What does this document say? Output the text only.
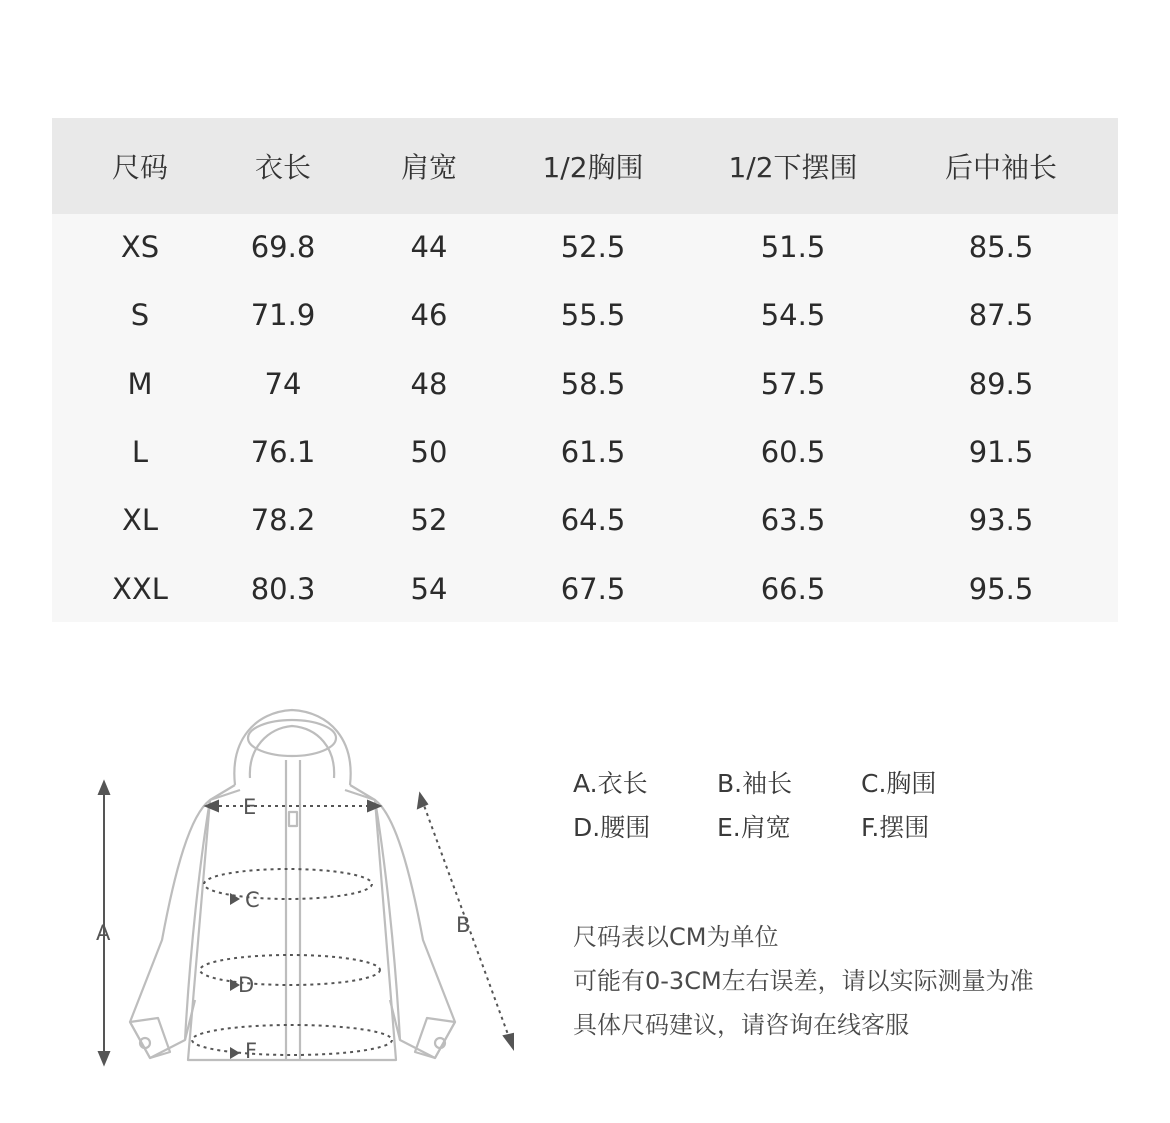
尺码	衣长	肩宽	1/2胸围	1/2下摆围	后中袖长
XS	69.8	44	52.5	51.5	85.5
S	71.9	46	55.5	54.5	87.5
M	74	48	58.5	57.5	89.5
L	76.1	50	61.5	60.5	91.5
XL	78.2	52	64.5	63.5	93.5
XXL	80.3	54	67.5	66.5	95.5
A	B
C
D
E
F
A.衣长	B.袖长	C.胸围
D.腰围	E.肩宽	F.摆围
尺码表以CM为单位
可能有0-3CM左右误差，请以实际测量为准
具体尺码建议，请咨询在线客服
